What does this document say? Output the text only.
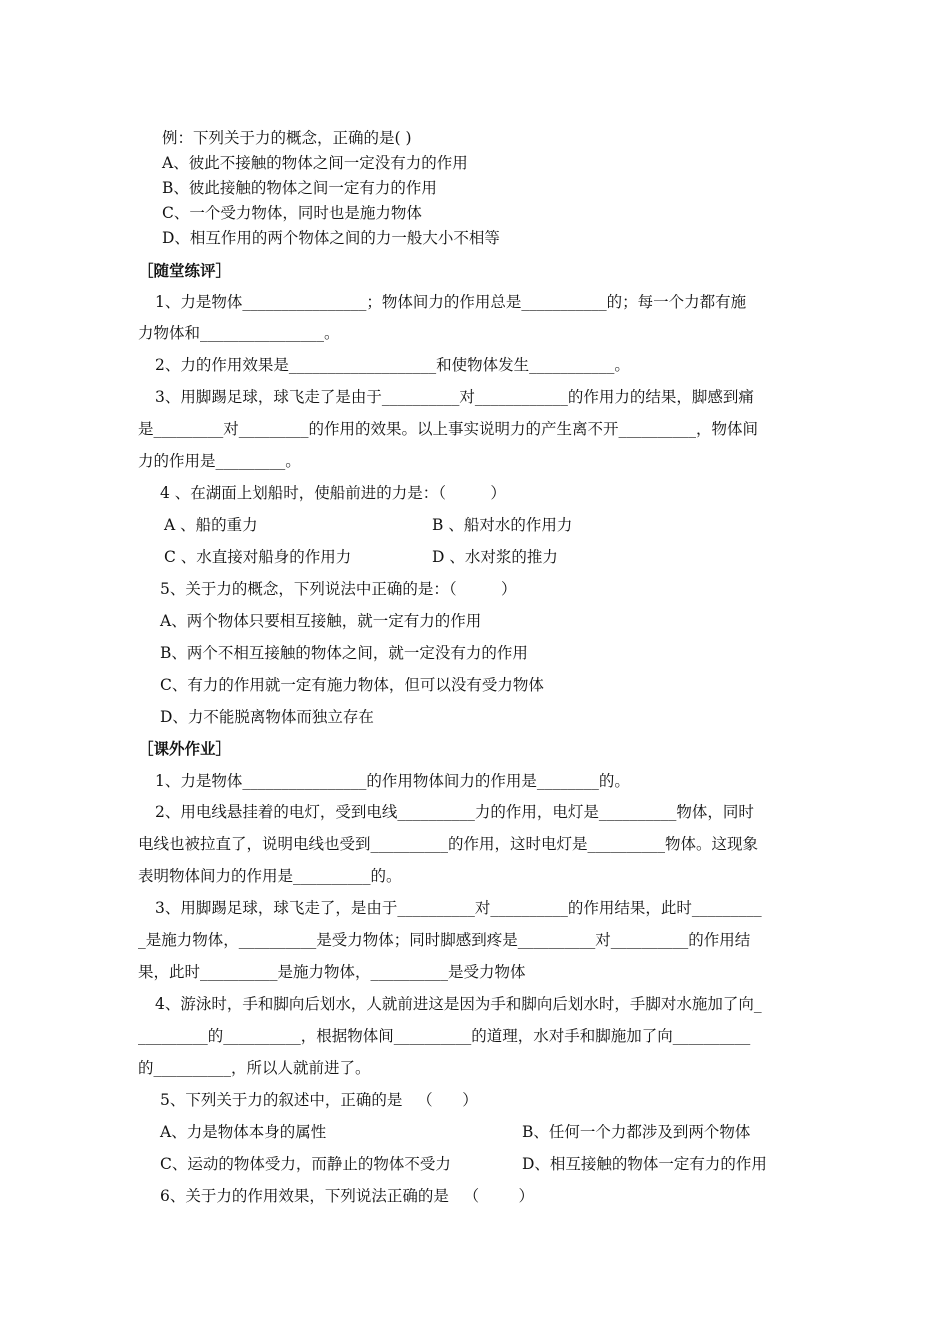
例：下列关于力的概念，正确的是( )
A、彼此不接触的物体之间一定没有力的作用
B、彼此接触的物体之间一定有力的作用
C、一个受力物体，同时也是施力物体
D、相互作用的两个物体之间的力一般大小不相等
［随堂练评］
1、力是物体________________；物体间力的作用总是___________的；每一个力都有施
力物体和________________。
2、力的作用效果是___________________和使物体发生___________。
3、用脚踢足球，球飞走了是由于__________对____________的作用力的结果，脚感到痛
是_________对_________的作用的效果。以上事实说明力的产生离不开__________，物体间
力的作用是_________。
4 、在湖面上划船时，使船前进的力是：（         ）
A 、船的重力	B 、船对水的作用力
C 、水直接对船身的作用力	D 、水对浆的推力
5、关于力的概念，下列说法中正确的是：（         ）
A、两个物体只要相互接触，就一定有力的作用
B、两个不相互接触的物体之间，就一定没有力的作用
C、有力的作用就一定有施力物体，但可以没有受力物体
D、力不能脱离物体而独立存在
［课外作业］
1、力是物体________________的作用物体间力的作用是________的。
2、用电线悬挂着的电灯，受到电线__________力的作用，电灯是__________物体，同时
电线也被拉直了，说明电线也受到__________的作用，这时电灯是__________物体。这现象
表明物体间力的作用是__________的。
3、用脚踢足球，球飞走了，是由于__________对__________的作用结果，此时_________
_是施力物体，__________是受力物体；同时脚感到疼是__________对__________的作用结
果，此时__________是施力物体，__________是受力物体
4、游泳时，手和脚向后划水，人就前进这是因为手和脚向后划水时，手脚对水施加了向_
_________的__________，根据物体间__________的道理，水对手和脚施加了向__________
的__________，所以人就前进了。
5、下列关于力的叙述中，正确的是   （      ）
A、力是物体本身的属性	B、任何一个力都涉及到两个物体
C、运动的物体受力，而静止的物体不受力	D、相互接触的物体一定有力的作用
6、关于力的作用效果，下列说法正确的是   （        ）
